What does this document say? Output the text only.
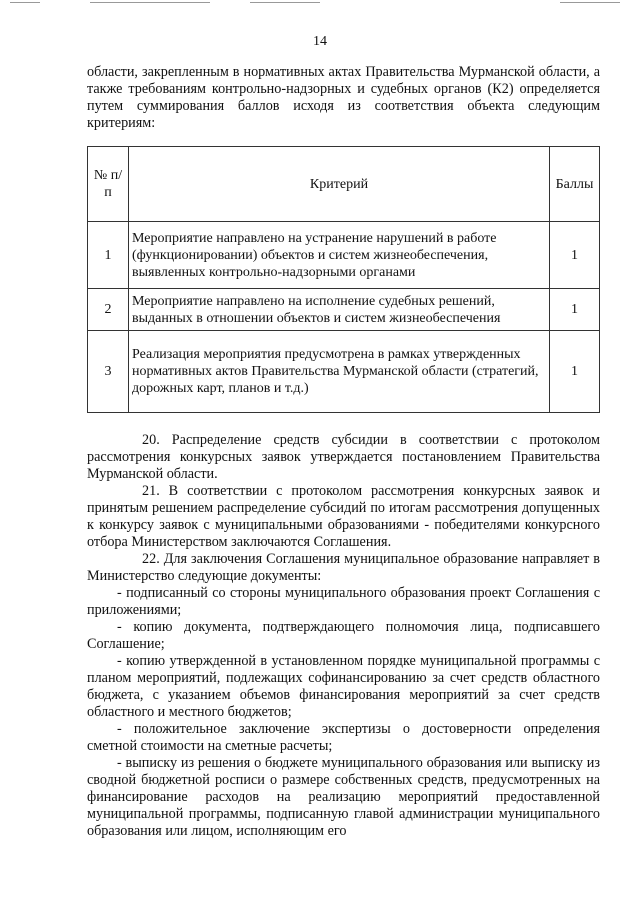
14

области, закрепленным в нормативных актах Правительства Мурманской области, а также требованиям контрольно-надзорных и судебных органов (К2) определяется путем суммирования баллов исходя из соответствия объекта следующим критериям:

№ п/п	Критерий	Баллы
1	Мероприятие направлено на устранение нарушений в работе (функционировании) объектов и систем жизнеобеспечения, выявленных контрольно-надзорными органами	1
2	Мероприятие направлено на исполнение судебных решений, выданных в отношении объектов и систем жизнеобеспечения	1
3	Реализация мероприятия предусмотрена в рамках утвержденных нормативных актов Правительства Мурманской области (стратегий, дорожных карт, планов и т.д.)	1

20. Распределение средств субсидии в соответствии с протоколом рассмотрения конкурсных заявок утверждается постановлением Правительства Мурманской области.

21. В соответствии с протоколом рассмотрения конкурсных заявок и принятым решением распределение субсидий по итогам рассмотрения допущенных к конкурсу заявок с муниципальными образованиями - победителями конкурсного отбора Министерством заключаются Соглашения.

22. Для заключения Соглашения муниципальное образование направляет в Министерство следующие документы:

- подписанный со стороны муниципального образования проект Соглашения с приложениями;

- копию документа, подтверждающего полномочия лица, подписавшего Соглашение;

- копию утвержденной в установленном порядке муниципальной программы с планом мероприятий, подлежащих софинансированию за счет средств областного бюджета, с указанием объемов финансирования мероприятий за счет средств областного и местного бюджетов;

- положительное заключение экспертизы о достоверности определения сметной стоимости на сметные расчеты;

- выписку из решения о бюджете муниципального образования или выписку из сводной бюджетной росписи о размере собственных средств, предусмотренных на финансирование расходов на реализацию мероприятий предоставленной муниципальной программы, подписанную главой администрации муниципального образования или лицом, исполняющим его
